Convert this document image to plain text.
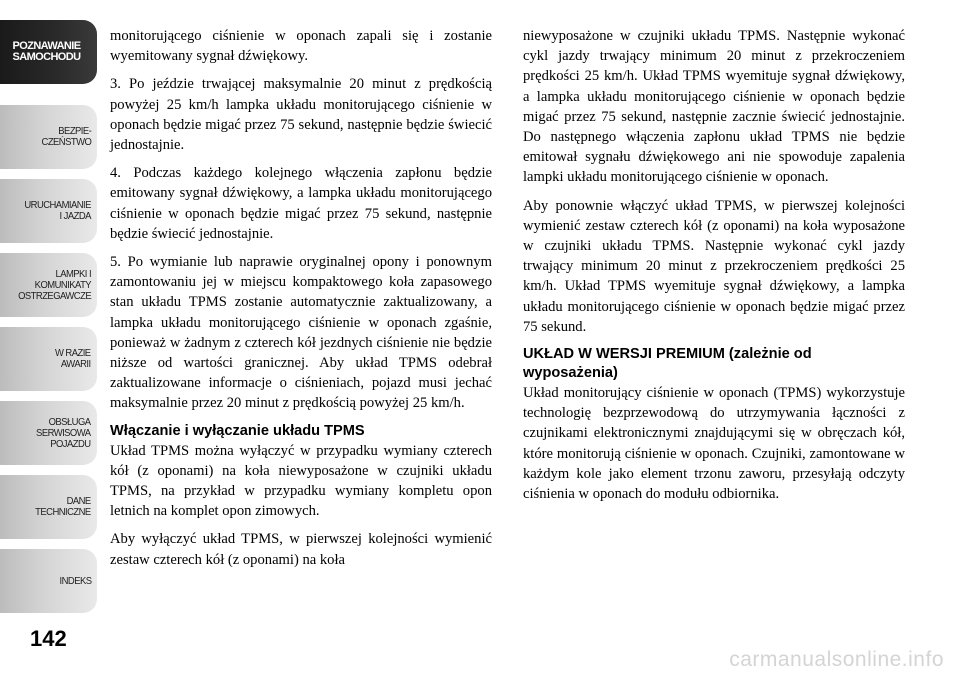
POZNAWANIE
SAMOCHODU
BEZPIE-
CZEŃSTWO
URUCHAMIANIE
I JAZDA
LAMPKI I
KOMUNIKATY
OSTRZEGAWCZE
W RAZIE
AWARII
OBSŁUGA
SERWISOWA
POJAZDU
DANE
TECHNICZNE
INDEKS
142

monitorującego ciśnienie w oponach zapali się i zostanie wyemitowany sygnał dźwiękowy.

3. Po jeździe trwającej maksymalnie 20 minut z prędkością powyżej 25 km/h lampka układu monitorującego ciśnienie w oponach będzie migać przez 75 sekund, następnie będzie świecić jednostajnie.

4. Podczas każdego kolejnego włączenia zapłonu będzie emitowany sygnał dźwiękowy, a lampka układu monitorującego ciśnienie w oponach będzie migać przez 75 sekund, następnie będzie świecić jednostajnie.

5. Po wymianie lub naprawie oryginalnej opony i ponownym zamontowaniu jej w miejscu kompaktowego koła zapasowego stan układu TPMS zostanie automatycznie zaktualizowany, a lampka układu monitorującego ciśnienie w oponach zgaśnie, ponieważ w żadnym z czterech kół jezdnych ciśnienie nie będzie niższe od wartości granicznej. Aby układ TPMS odebrał zaktualizowane informacje o ciśnieniach, pojazd musi jechać maksymalnie przez 20 minut z prędkością powyżej 25 km/h.

Włączanie i wyłączanie układu TPMS

Układ TPMS można wyłączyć w przypadku wymiany czterech kół (z oponami) na koła niewyposażone w czujniki układu TPMS, na przykład w przypadku wymiany kompletu opon letnich na komplet opon zimowych.

Aby wyłączyć układ TPMS, w pierwszej kolejności wymienić zestaw czterech kół (z oponami) na koła

niewyposażone w czujniki układu TPMS. Następnie wykonać cykl jazdy trwający minimum 20 minut z przekroczeniem prędkości 25 km/h. Układ TPMS wyemituje sygnał dźwiękowy, a lampka układu monitorującego ciśnienie w oponach będzie migać przez 75 sekund, następnie zacznie świecić jednostajnie. Do następnego włączenia zapłonu układ TPMS nie będzie emitował sygnału dźwiękowego ani nie spowoduje zapalenia lampki układu monitorującego ciśnienie w oponach.

Aby ponownie włączyć układ TPMS, w pierwszej kolejności wymienić zestaw czterech kół (z oponami) na koła wyposażone w czujniki układu TPMS. Następnie wykonać cykl jazdy trwający minimum 20 minut z przekroczeniem prędkości 25 km/h. Układ TPMS wyemituje sygnał dźwiękowy, a lampka układu monitorującego ciśnienie w oponach będzie migać przez 75 sekund.

UKŁAD W WERSJI PREMIUM (zależnie od wyposażenia)

Układ monitorujący ciśnienie w oponach (TPMS) wykorzystuje technologię bezprzewodową do utrzymywania łączności z czujnikami elektronicznymi znajdującymi się w obręczach kół, które monitorują ciśnienie w oponach. Czujniki, zamontowane w każdym kole jako element trzonu zaworu, przesyłają odczyty ciśnienia w oponach do modułu odbiornika.

carmanualsonline.info
